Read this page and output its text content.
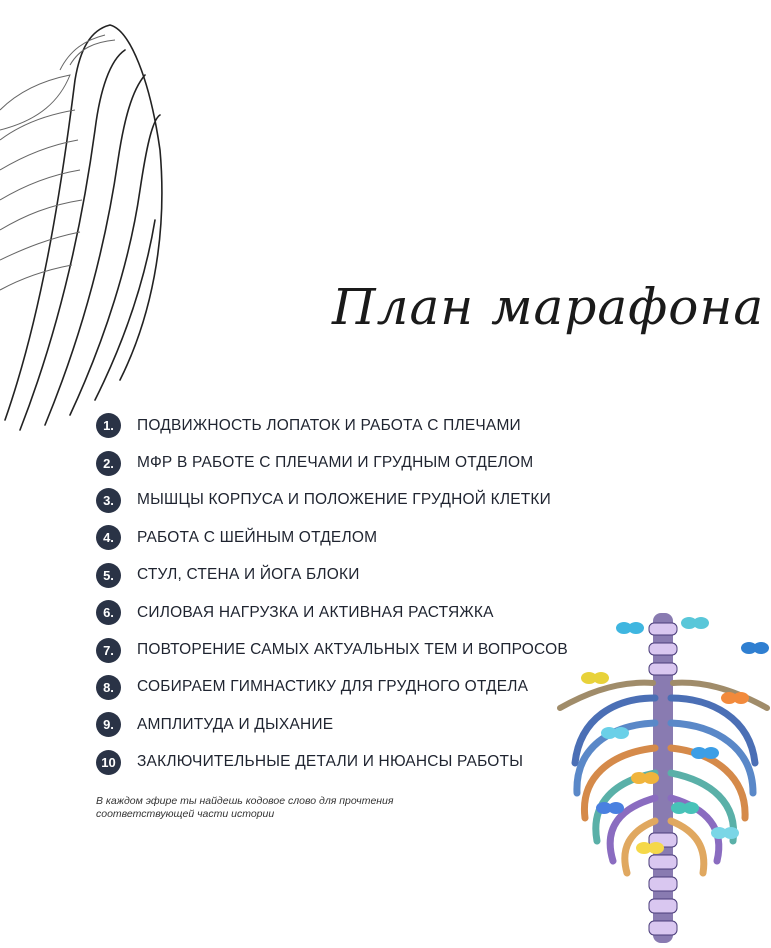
План марафона
1.	ПОДВИЖНОСТЬ ЛОПАТОК И РАБОТА С ПЛЕЧАМИ
2.	МФР В РАБОТЕ С ПЛЕЧАМИ И ГРУДНЫМ ОТДЕЛОМ
3.	МЫШЦЫ КОРПУСА И ПОЛОЖЕНИЕ ГРУДНОЙ КЛЕТКИ
4.	РАБОТА С ШЕЙНЫМ ОТДЕЛОМ
5.	СТУЛ, СТЕНА И ЙОГА БЛОКИ
6.	СИЛОВАЯ НАГРУЗКА И АКТИВНАЯ РАСТЯЖКА
7.	ПОВТОРЕНИЕ САМЫХ АКТУАЛЬНЫХ ТЕМ И ВОПРОСОВ
8.	СОБИРАЕМ ГИМНАСТИКУ ДЛЯ ГРУДНОГО ОТДЕЛА
9.	АМПЛИТУДА И ДЫХАНИЕ
10	ЗАКЛЮЧИТЕЛЬНЫЕ ДЕТАЛИ И НЮАНСЫ РАБОТЫ
В каждом эфире ты найдешь кодовое слово для прочтения соответствующей части истории
